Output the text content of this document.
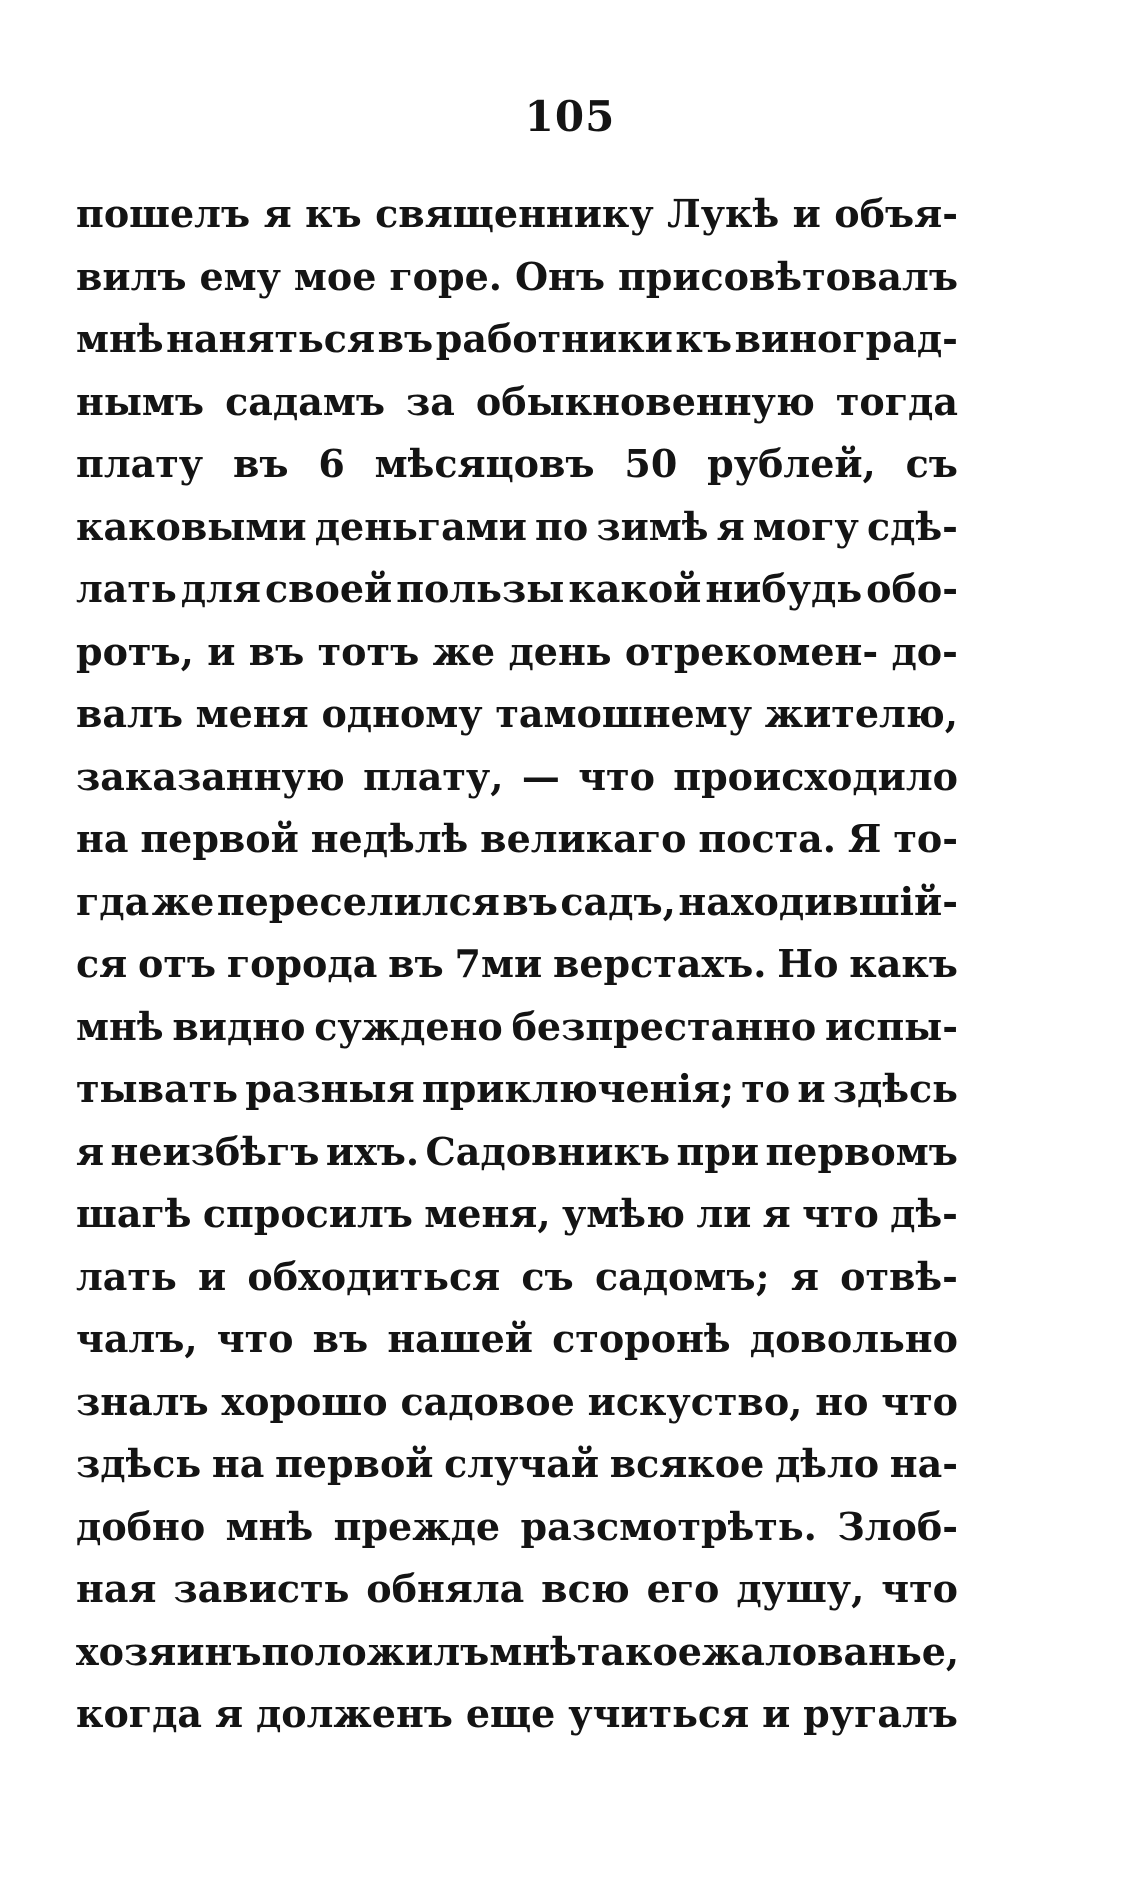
105
пошелъ я къ священнику Лукѣ и объя-
вилъ ему мое горе. Онъ присовѣтовалъ
мнѣ наняться въ работники къ виноград-
нымъ садамъ за обыкновенную тогда
плату въ 6 мѣсяцовъ 50 рублей, съ
каковыми деньгами по зимѣ я могу сдѣ-
лать для своей пользы какой нибудь обо-
ротъ, и въ тотъ же день отрекомен- до-
валъ меня одному тамошнему жителю,
заказанную плату, — что происходило
на первой недѣлѣ великаго поста. Я то-
гда же переселился въ садъ, находившій-
ся отъ города въ 7ми верстахъ. Но какъ
мнѣ видно суждено безпрестанно испы-
тывать разныя приключенія; то и здѣсь
я неизбѣгъ ихъ. Садовникъ при первомъ
шагѣ спросилъ меня, умѣю ли я что дѣ-
лать и обходиться съ садомъ; я отвѣ-
чалъ, что въ нашей сторонѣ довольно
зналъ хорошо садовое искуство, но что
здѣсь на первой случай всякое дѣло на-
добно мнѣ прежде разсмотрѣть. Злоб-
ная зависть обняла всю его душу, что
хозяинъ положилъ мнѣ такое жалованье,
когда я долженъ еще учиться и ругалъ
